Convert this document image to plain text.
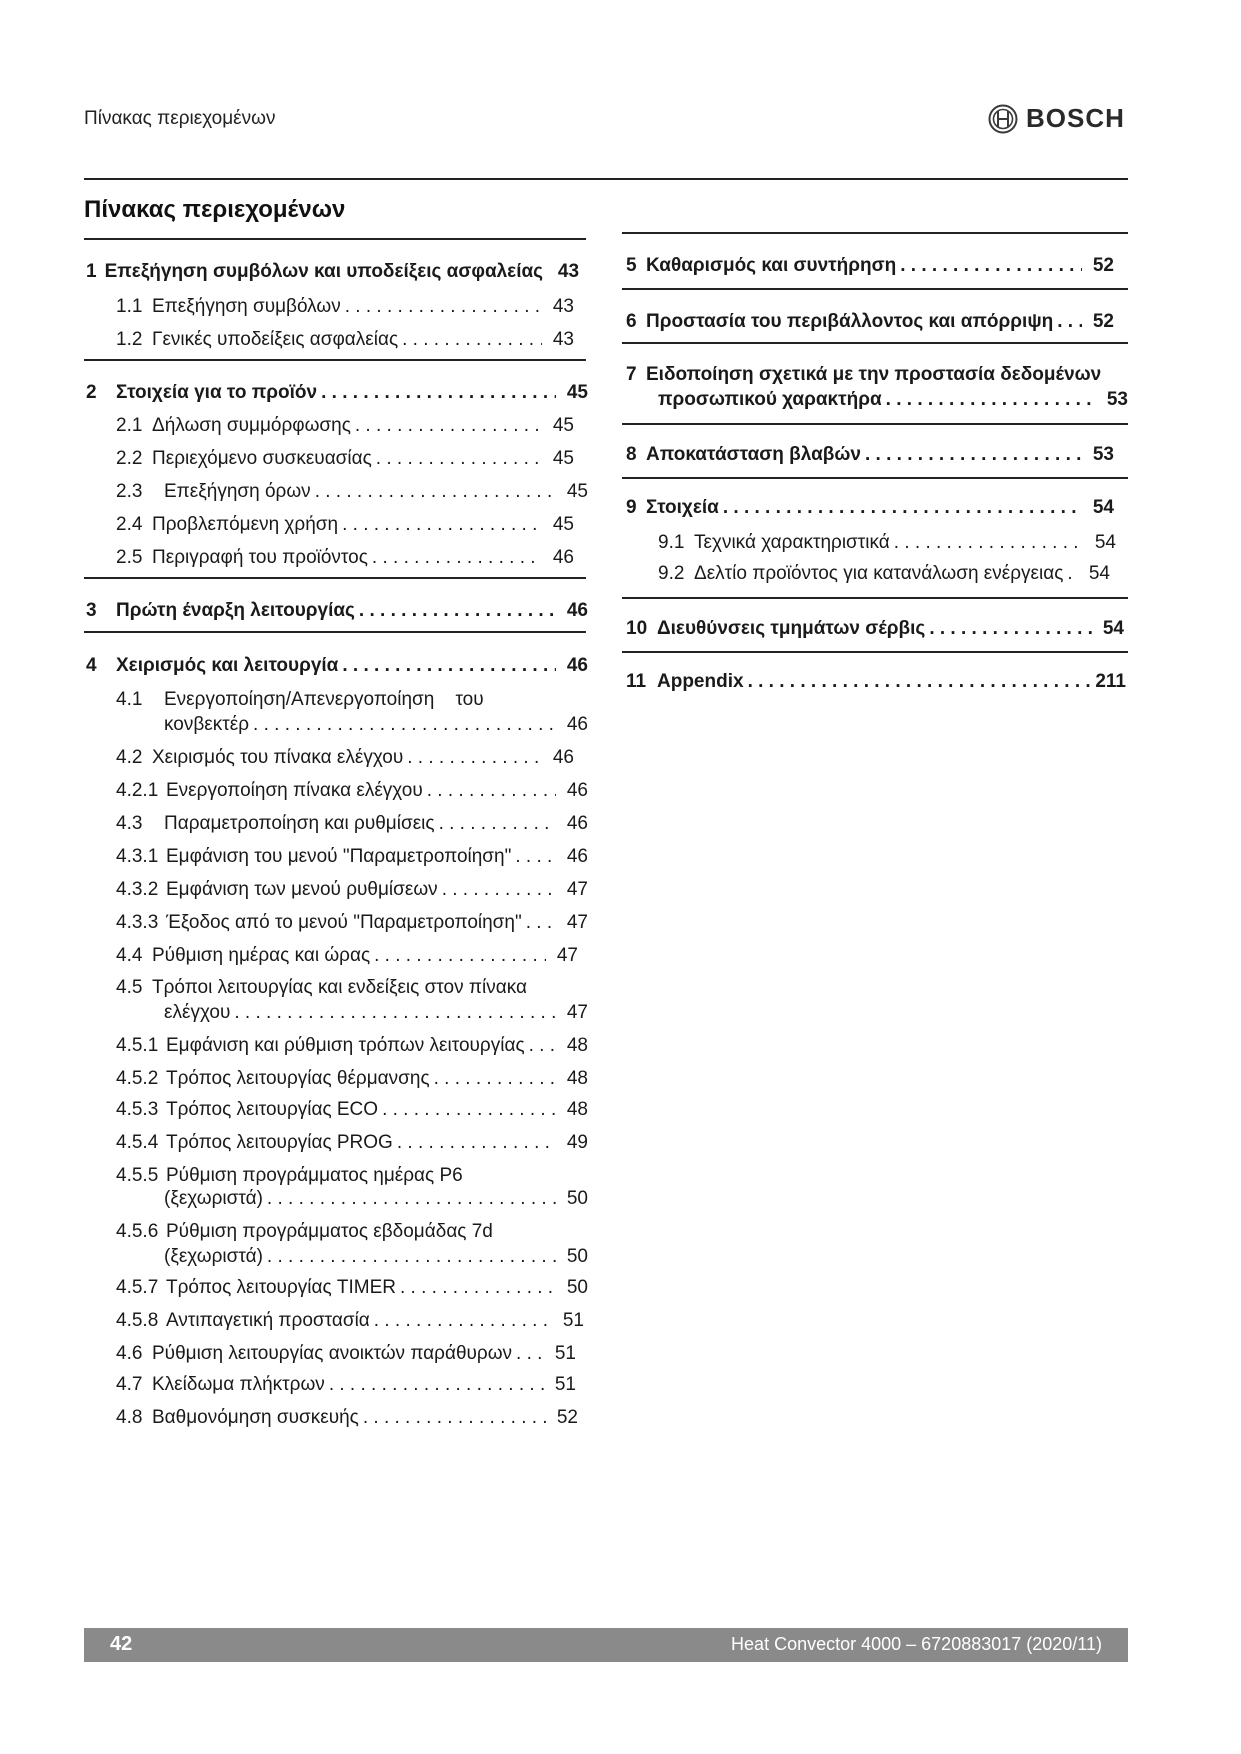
Πίνακας περιεχομένων	BOSCH
Πίνακας περιεχομένων
1 Επεξήγηση συμβόλων και υποδείξεις ασφαλείας 43
1.1 Επεξήγηση συμβόλων . . .	43
1.2 Γενικές υποδείξεις ασφαλείας . . .	43
2	Στοιχεία για το προϊόν . . .	45
2.1 Δήλωση συμμόρφωσης . . .	45
2.2 Περιεχόμενο συσκευασίας . . .	45
2.3	Επεξήγηση όρων . . .	45
2.4 Προβλεπόμενη χρήση . . .	45
2.5 Περιγραφή του προϊόντος . . .	46
3	Πρώτη έναρξη λειτουργίας . . .	46
4	Χειρισμός και λειτουργία . . .	46
4.1 Ενεργοποίηση/Απενεργοποίηση    του
κονβεκτέρ . . .	46
4.2 Χειρισμός του πίνακα ελέγχου . . .	46
4.2.1 Ενεργοποίηση πίνακα ελέγχου . . .	46
4.3	Παραμετροποίηση και ρυθμίσεις . . .	46
4.3.1 Εμφάνιση του μενού "Παραμετροποίηση" . . .	46
4.3.2 Εμφάνιση των μενού ρυθμίσεων . . .	47
4.3.3 Έξοδος από το μενού "Παραμετροποίηση" . . .	47
4.4 Ρύθμιση ημέρας και ώρας . . .	47
4.5 Τρόποι λειτουργίας και ενδείξεις στον πίνακα
ελέγχου . . .	47
4.5.1 Εμφάνιση και ρύθμιση τρόπων λειτουργίας . . .	48
4.5.2 Τρόπος λειτουργίας θέρμανσης . . .	48
4.5.3 Τρόπος λειτουργίας ECO . . .	48
4.5.4 Τρόπος λειτουργίας PROG . . .	49
4.5.5 Ρύθμιση προγράμματος ημέρας P6
(ξεχωριστά) . . .	50
4.5.6 Ρύθμιση προγράμματος εβδομάδας 7d
(ξεχωριστά) . . .	50
4.5.7 Τρόπος λειτουργίας TIMER . . .	50
4.5.8 Αντιπαγετική προστασία . . .	51
4.6 Ρύθμιση λειτουργίας ανοικτών παράθυρων . . .	51
4.7 Κλείδωμα πλήκτρων . . .	51
4.8 Βαθμονόμηση συσκευής . . .	52
5 Καθαρισμός και συντήρηση . . .	52
6 Προστασία του περιβάλλοντος και απόρριψη . . .	52
7 Ειδοποίηση σχετικά με την προστασία δεδομένων
προσωπικού χαρακτήρα . . .	53
8 Αποκατάσταση βλαβών . . .	53
9 Στοιχεία . . .	54
9.1 Τεχνικά χαρακτηριστικά . . .	54
9.2 Δελτίο προϊόντος για κατανάλωση ενέργειας . . .	54
10 Διευθύνσεις τμημάτων σέρβις . . .	54
11 Appendix . . .	211
42	Heat Convector 4000 – 6720883017 (2020/11)
